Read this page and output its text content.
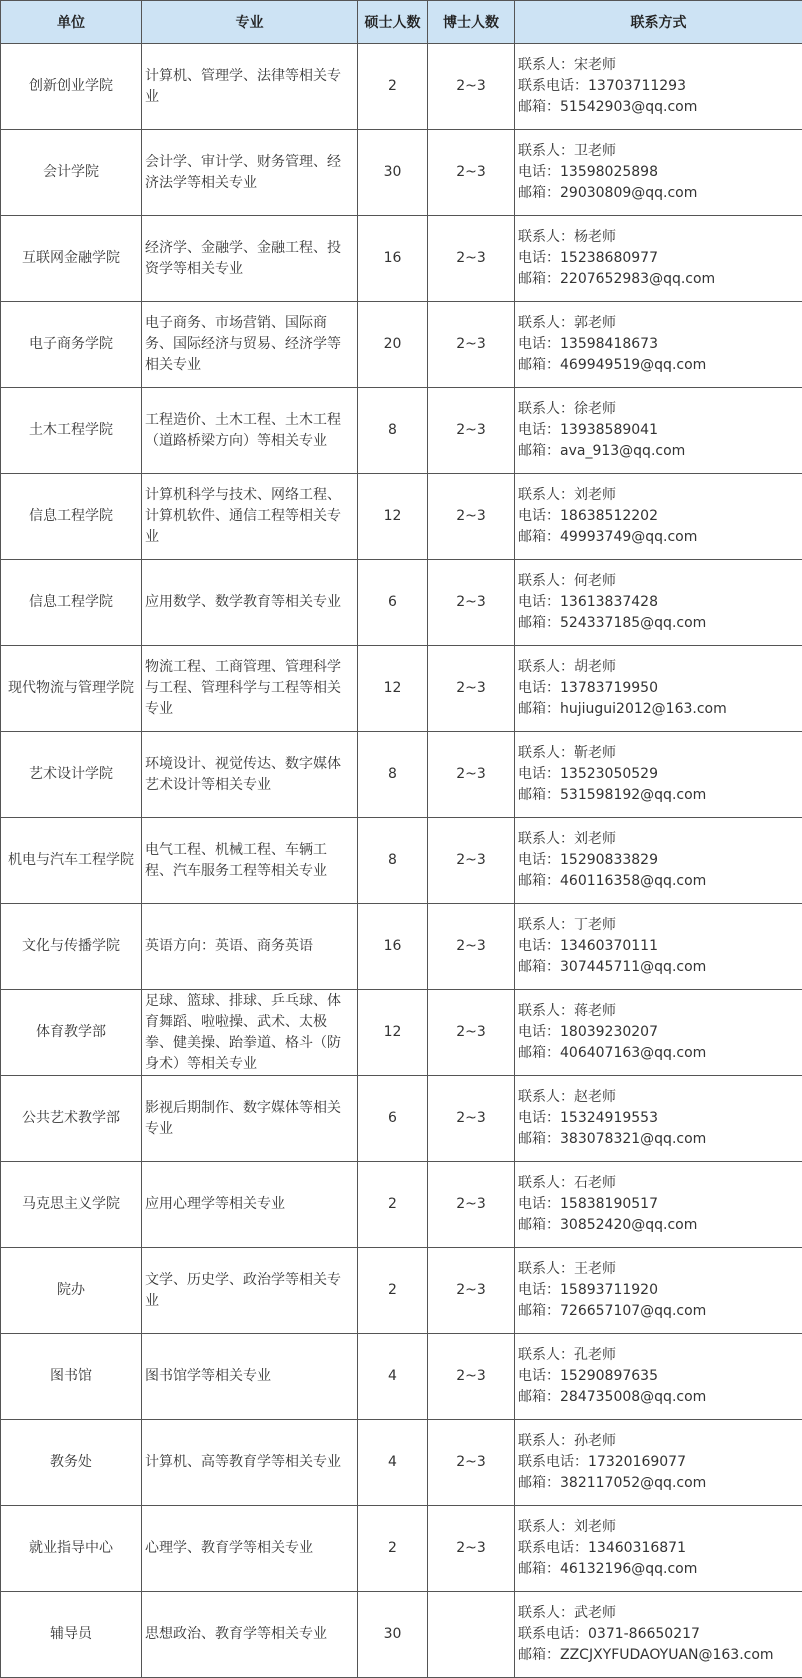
单位	专业	硕士人数	博士人数	联系方式
创新创业学院	计算机、管理学、法律等相关专业	2	2~3	联系人：宋老师
联系电话：13703711293
邮箱：51542903@qq.com

会计学院	会计学、审计学、财务管理、经济法学等相关专业	30	2~3	联系人：卫老师
电话：13598025898
邮箱：29030809@qq.com

互联网金融学院	经济学、金融学、金融工程、投资学等相关专业	16	2~3	联系人：杨老师
电话：15238680977
邮箱：2207652983@qq.com

电子商务学院	电子商务、市场营销、国际商务、国际经济与贸易、经济学等相关专业	20	2~3	联系人：郭老师
电话：13598418673
邮箱：469949519@qq.com

土木工程学院	工程造价、土木工程、土木工程（道路桥梁方向）等相关专业	8	2~3	联系人：徐老师
电话：13938589041
邮箱：ava_913@qq.com

信息工程学院	计算机科学与技术、网络工程、计算机软件、通信工程等相关专业	12	2~3	联系人：刘老师
电话：18638512202
邮箱：49993749@qq.com

信息工程学院	应用数学、数学教育等相关专业	6	2~3	联系人：何老师
电话：13613837428
邮箱：524337185@qq.com

现代物流与管理学院	物流工程、工商管理、管理科学与工程、管理科学与工程等相关专业	12	2~3	联系人：胡老师
电话：13783719950
邮箱：hujiugui2012@163.com

艺术设计学院	环境设计、视觉传达、数字媒体艺术设计等相关专业	8	2~3	联系人：靳老师
电话：13523050529
邮箱：531598192@qq.com

机电与汽车工程学院	电气工程、机械工程、车辆工程、汽车服务工程等相关专业	8	2~3	联系人：刘老师
电话：15290833829
邮箱：460116358@qq.com

文化与传播学院	英语方向：英语、商务英语	16	2~3	联系人：丁老师
电话：13460370111
邮箱：307445711@qq.com

体育教学部	足球、篮球、排球、乒乓球、体育舞蹈、啦啦操、武术、太极拳、健美操、跆拳道、格斗（防身术）等相关专业	12	2~3	联系人：蒋老师
电话：18039230207
邮箱：406407163@qq.com

公共艺术教学部	影视后期制作、数字媒体等相关专业	6	2~3	联系人：赵老师
电话：15324919553
邮箱：383078321@qq.com

马克思主义学院	应用心理学等相关专业	2	2~3	联系人：石老师
电话：15838190517
邮箱：30852420@qq.com

院办	文学、历史学、政治学等相关专业	2	2~3	联系人：王老师
电话：15893711920
邮箱：726657107@qq.com

图书馆	图书馆学等相关专业	4	2~3	联系人：孔老师
电话：15290897635
邮箱：284735008@qq.com

教务处	计算机、高等教育学等相关专业	4	2~3	联系人：孙老师
联系电话：17320169077
邮箱：382117052@qq.com

就业指导中心	心理学、教育学等相关专业	2	2~3	联系人：刘老师
联系电话：13460316871
邮箱：46132196@qq.com

辅导员	思想政治、教育学等相关专业	30		联系人：武老师
联系电话：0371-86650217
邮箱：ZZCJXYFUDAOYUAN@163.com
